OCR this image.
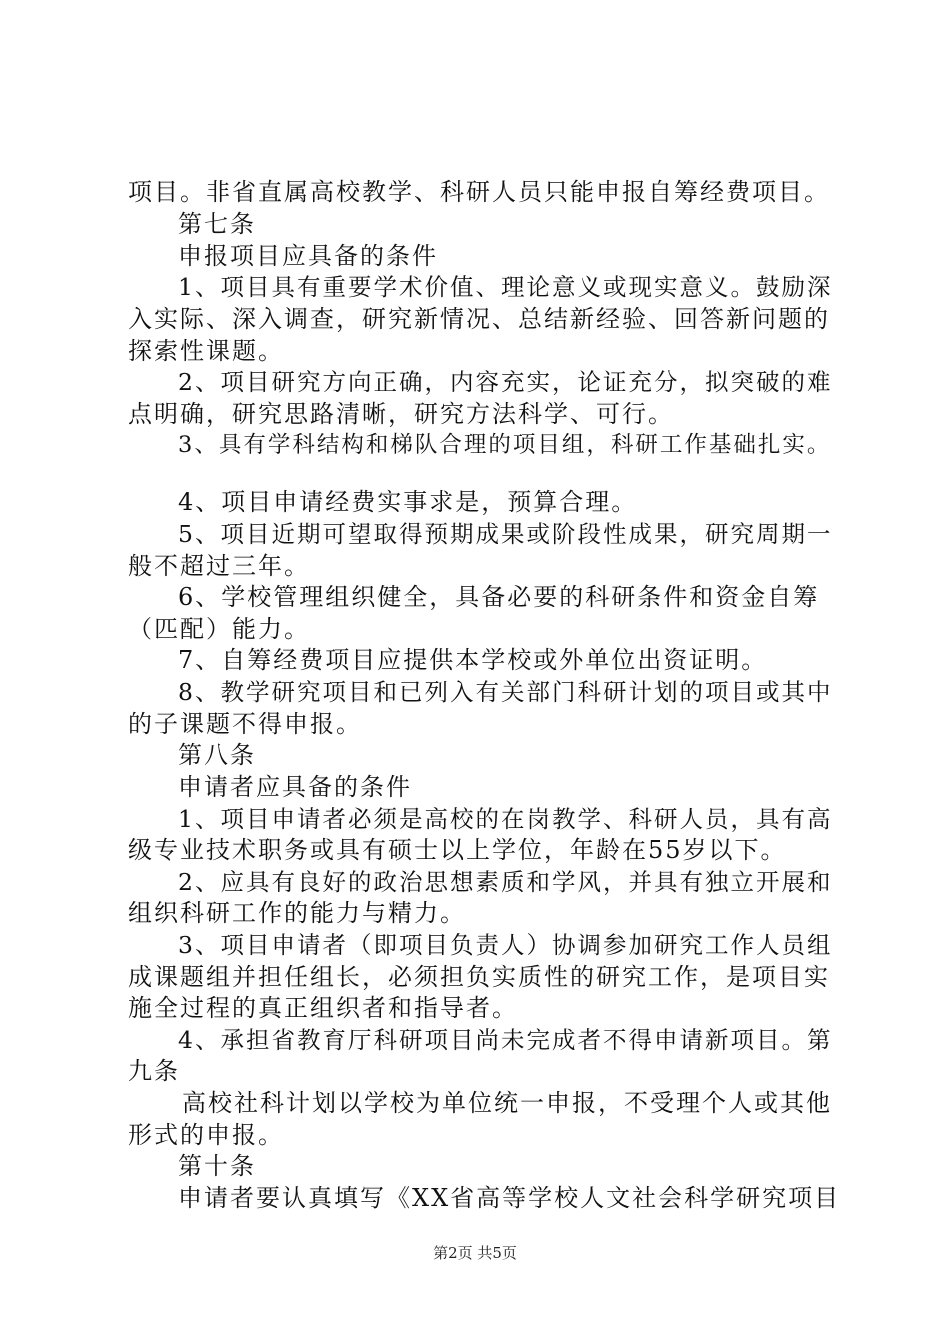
项目。非省直属高校教学、科研人员只能申报自筹经费项目。
第七条
申报项目应具备的条件
1、项目具有重要学术价值、理论意义或现实意义。鼓励深
入实际、深入调查，研究新情况、总结新经验、回答新问题的
探索性课题。
2、项目研究方向正确，内容充实，论证充分，拟突破的难
点明确，研究思路清晰，研究方法科学、可行。
3、具有学科结构和梯队合理的项目组，科研工作基础扎实。
4、项目申请经费实事求是，预算合理。
5、项目近期可望取得预期成果或阶段性成果，研究周期一
般不超过三年。
6、学校管理组织健全，具备必要的科研条件和资金自筹
（匹配）能力。
7、自筹经费项目应提供本学校或外单位出资证明。
8、教学研究项目和已列入有关部门科研计划的项目或其中
的子课题不得申报。
第八条
申请者应具备的条件
1、项目申请者必须是高校的在岗教学、科研人员，具有高
级专业技术职务或具有硕士以上学位，年龄在55岁以下。
2、应具有良好的政治思想素质和学风，并具有独立开展和
组织科研工作的能力与精力。
3、项目申请者（即项目负责人）协调参加研究工作人员组
成课题组并担任组长，必须担负实质性的研究工作，是项目实
施全过程的真正组织者和指导者。
4、承担省教育厅科研项目尚未完成者不得申请新项目。第
九条
高校社科计划以学校为单位统一申报，不受理个人或其他
形式的申报。
第十条
申请者要认真填写《XX省高等学校人文社会科学研究项目
第2页 共5页
